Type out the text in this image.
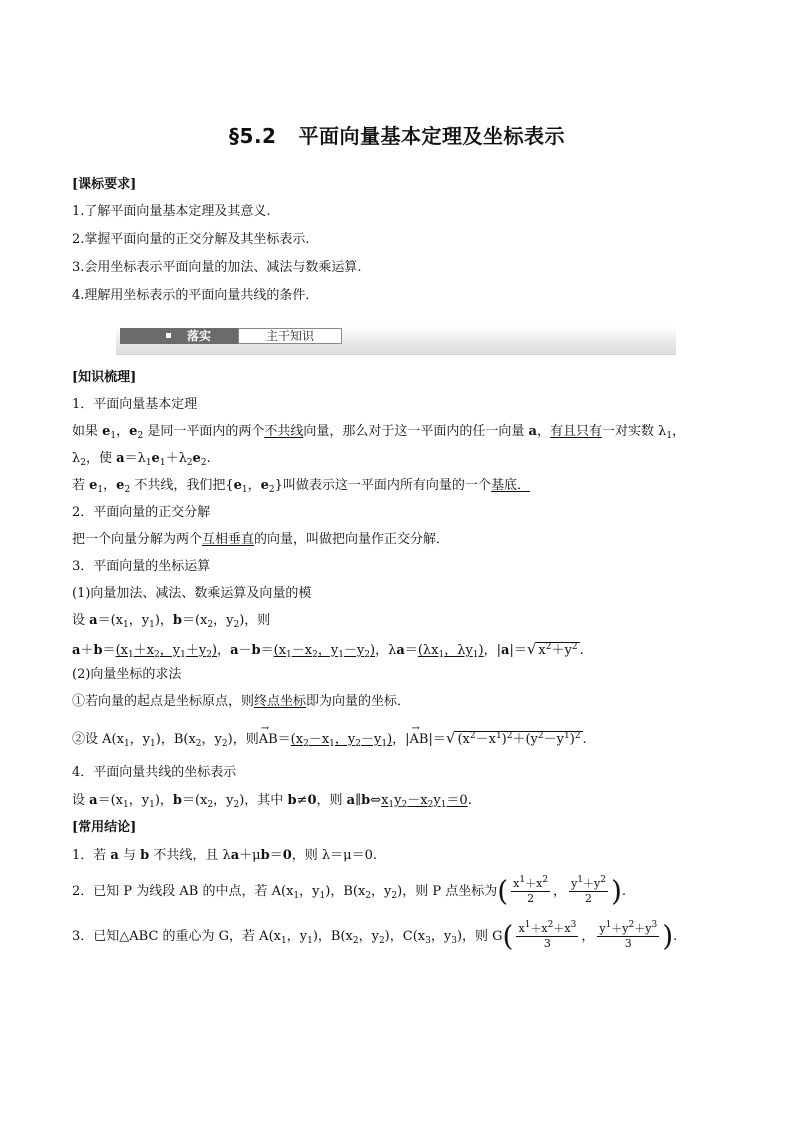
§5.2 平面向量基本定理及坐标表示
[课标要求]
1.了解平面向量基本定理及其意义.
2.掌握平面向量的正交分解及其坐标表示.
3.会用坐标表示平面向量的加法、减法与数乘运算.
4.理解用坐标表示的平面向量共线的条件．
落实	主干知识
[知识梳理]
1．平面向量基本定理
如果 $e_1$，$e_2$ 是同一平面内的两个不共线向量，那么对于这一平面内的任一向量 a，有且只有一对实数 $\lambda_1$，
$\lambda_2$，使 $a=\lambda_1e_1+\lambda_2e_2$.
若 $e_1$，$e_2$ 不共线，我们把{$e_1$，$e_2$}叫做表示这一平面内所有向量的一个基底．
2．平面向量的正交分解
把一个向量分解为两个互相垂直的向量，叫做把向量作正交分解．
3．平面向量的坐标运算
(1)向量加法、减法、数乘运算及向量的模
设 $a=(x_1$，$y_1$)，$b=(x_2$，$y_2$)，则
$a+b=(x_1+x_2$，$y_1+y_2$)，$a-b=(x_1-x_2$，$y_1-y_2$)，$\lambda a=(\lambda x_1$，$\lambda y_1$)，|a|＝√ $x^2+y^2$ .
(2)向量坐标的求法
①若向量的起点是坐标原点，则终点坐标即为向量的坐标．
②设 $A(x_1$，$y_1$)，$B(x_2$，$y_2$)，则→ $AB=(x_2-x_1$，$y_2-y_1$)，|→ AB|＝√ $(x^2-x^1)^2+(y^2-y^1)^2$ .
4．平面向量共线的坐标表示
设 $a=(x_1$，$y_1$)，$b=(x_2$，$y_2$)，其中 b≠0，则 $a\parallel b\Leftrightarrow x_1y_2-x_2y_1=0$.
[常用结论]
1．若 a 与 b 不共线，且 λa＋μb＝0，则 λ＝μ＝0.
2．已知 P 为线段 AB 的中点，若 $A(x_1$，$y_1$)，$B(x_2$，$y_2$)，则 P 点坐标为( $\frac{x^1+x^2}{2}$ ， $\frac{y^1+y^2}{2}$ ).
3．已知△ABC 的重心为 G，若 $A(x_1$，$y_1$)，$B(x_2$，$y_2$)，$C(x_3$，$y_3$)，则 $G( \frac{x^1+x^2+x^3}{3}$ ， $\frac{y^1+y^2+y^3}{3}$ ).
